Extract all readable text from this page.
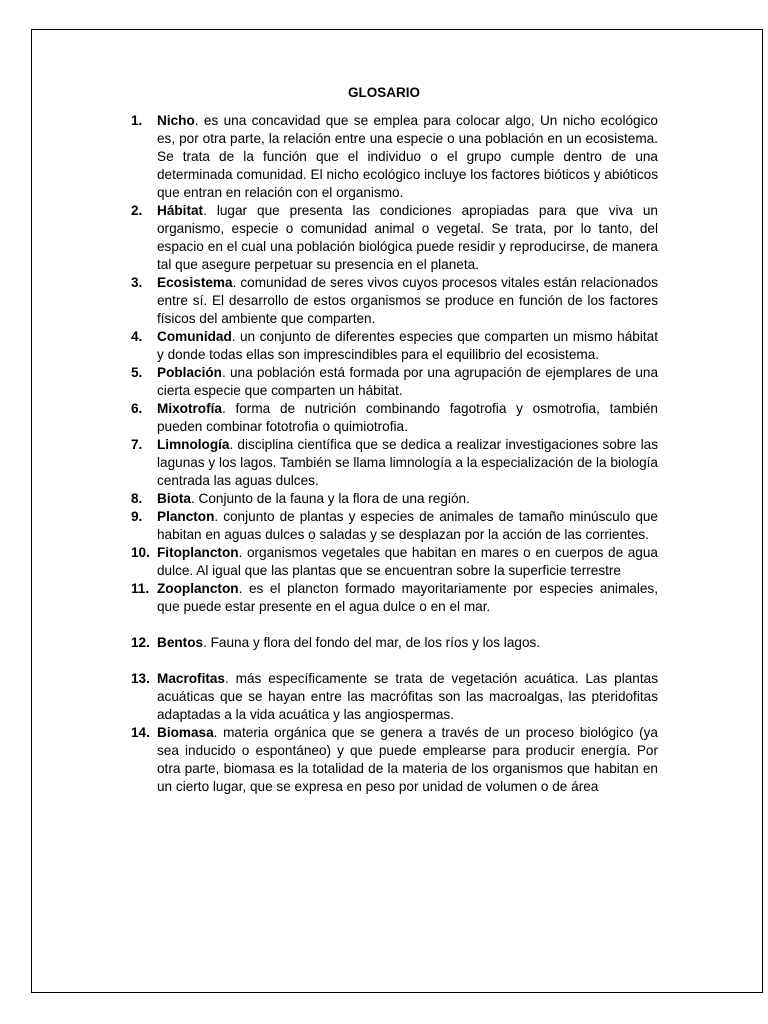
GLOSARIO
1. Nicho. es una concavidad que se emplea para colocar algo, Un nicho ecológico es, por otra parte, la relación entre una especie o una población en un ecosistema. Se trata de la función que el individuo o el grupo cumple dentro de una determinada comunidad. El nicho ecológico incluye los factores bióticos y abióticos que entran en relación con el organismo.
2. Hábitat. lugar que presenta las condiciones apropiadas para que viva un organismo, especie o comunidad animal o vegetal. Se trata, por lo tanto, del espacio en el cual una población biológica puede residir y reproducirse, de manera tal que asegure perpetuar su presencia en el planeta.
3. Ecosistema. comunidad de seres vivos cuyos procesos vitales están relacionados entre sí. El desarrollo de estos organismos se produce en función de los factores físicos del ambiente que comparten.
4. Comunidad. un conjunto de diferentes especies que comparten un mismo hábitat y donde todas ellas son imprescindibles para el equilibrio del ecosistema.
5. Población. una población está formada por una agrupación de ejemplares de una cierta especie que comparten un hábitat.
6. Mixotrofía. forma de nutrición combinando fagotrofia y osmotrofia, también pueden combinar fototrofia o quimiotrofia.
7. Limnología. disciplina científica que se dedica a realizar investigaciones sobre las lagunas y los lagos. También se llama limnología a la especialización de la biología centrada las aguas dulces.
8. Biota. Conjunto de la fauna y la flora de una región.
9. Plancton. conjunto de plantas y especies de animales de tamaño minúsculo que habitan en aguas dulces o saladas y se desplazan por la acción de las corrientes.
10. Fitoplancton. organismos vegetales que habitan en mares o en cuerpos de agua dulce. Al igual que las plantas que se encuentran sobre la superficie terrestre
11. Zooplancton. es el plancton formado mayoritariamente por especies animales, que puede estar presente en el agua dulce o en el mar.
12. Bentos. Fauna y flora del fondo del mar, de los ríos y los lagos.
13. Macrofitas. más específicamente se trata de vegetación acuática. Las plantas acuáticas que se hayan entre las macrófitas son las macroalgas, las pteridofitas adaptadas a la vida acuática y las angiospermas.
14. Biomasa. materia orgánica que se genera a través de un proceso biológico (ya sea inducido o espontáneo) y que puede emplearse para producir energía. Por otra parte, biomasa es la totalidad de la materia de los organismos que habitan en un cierto lugar, que se expresa en peso por unidad de volumen o de área
